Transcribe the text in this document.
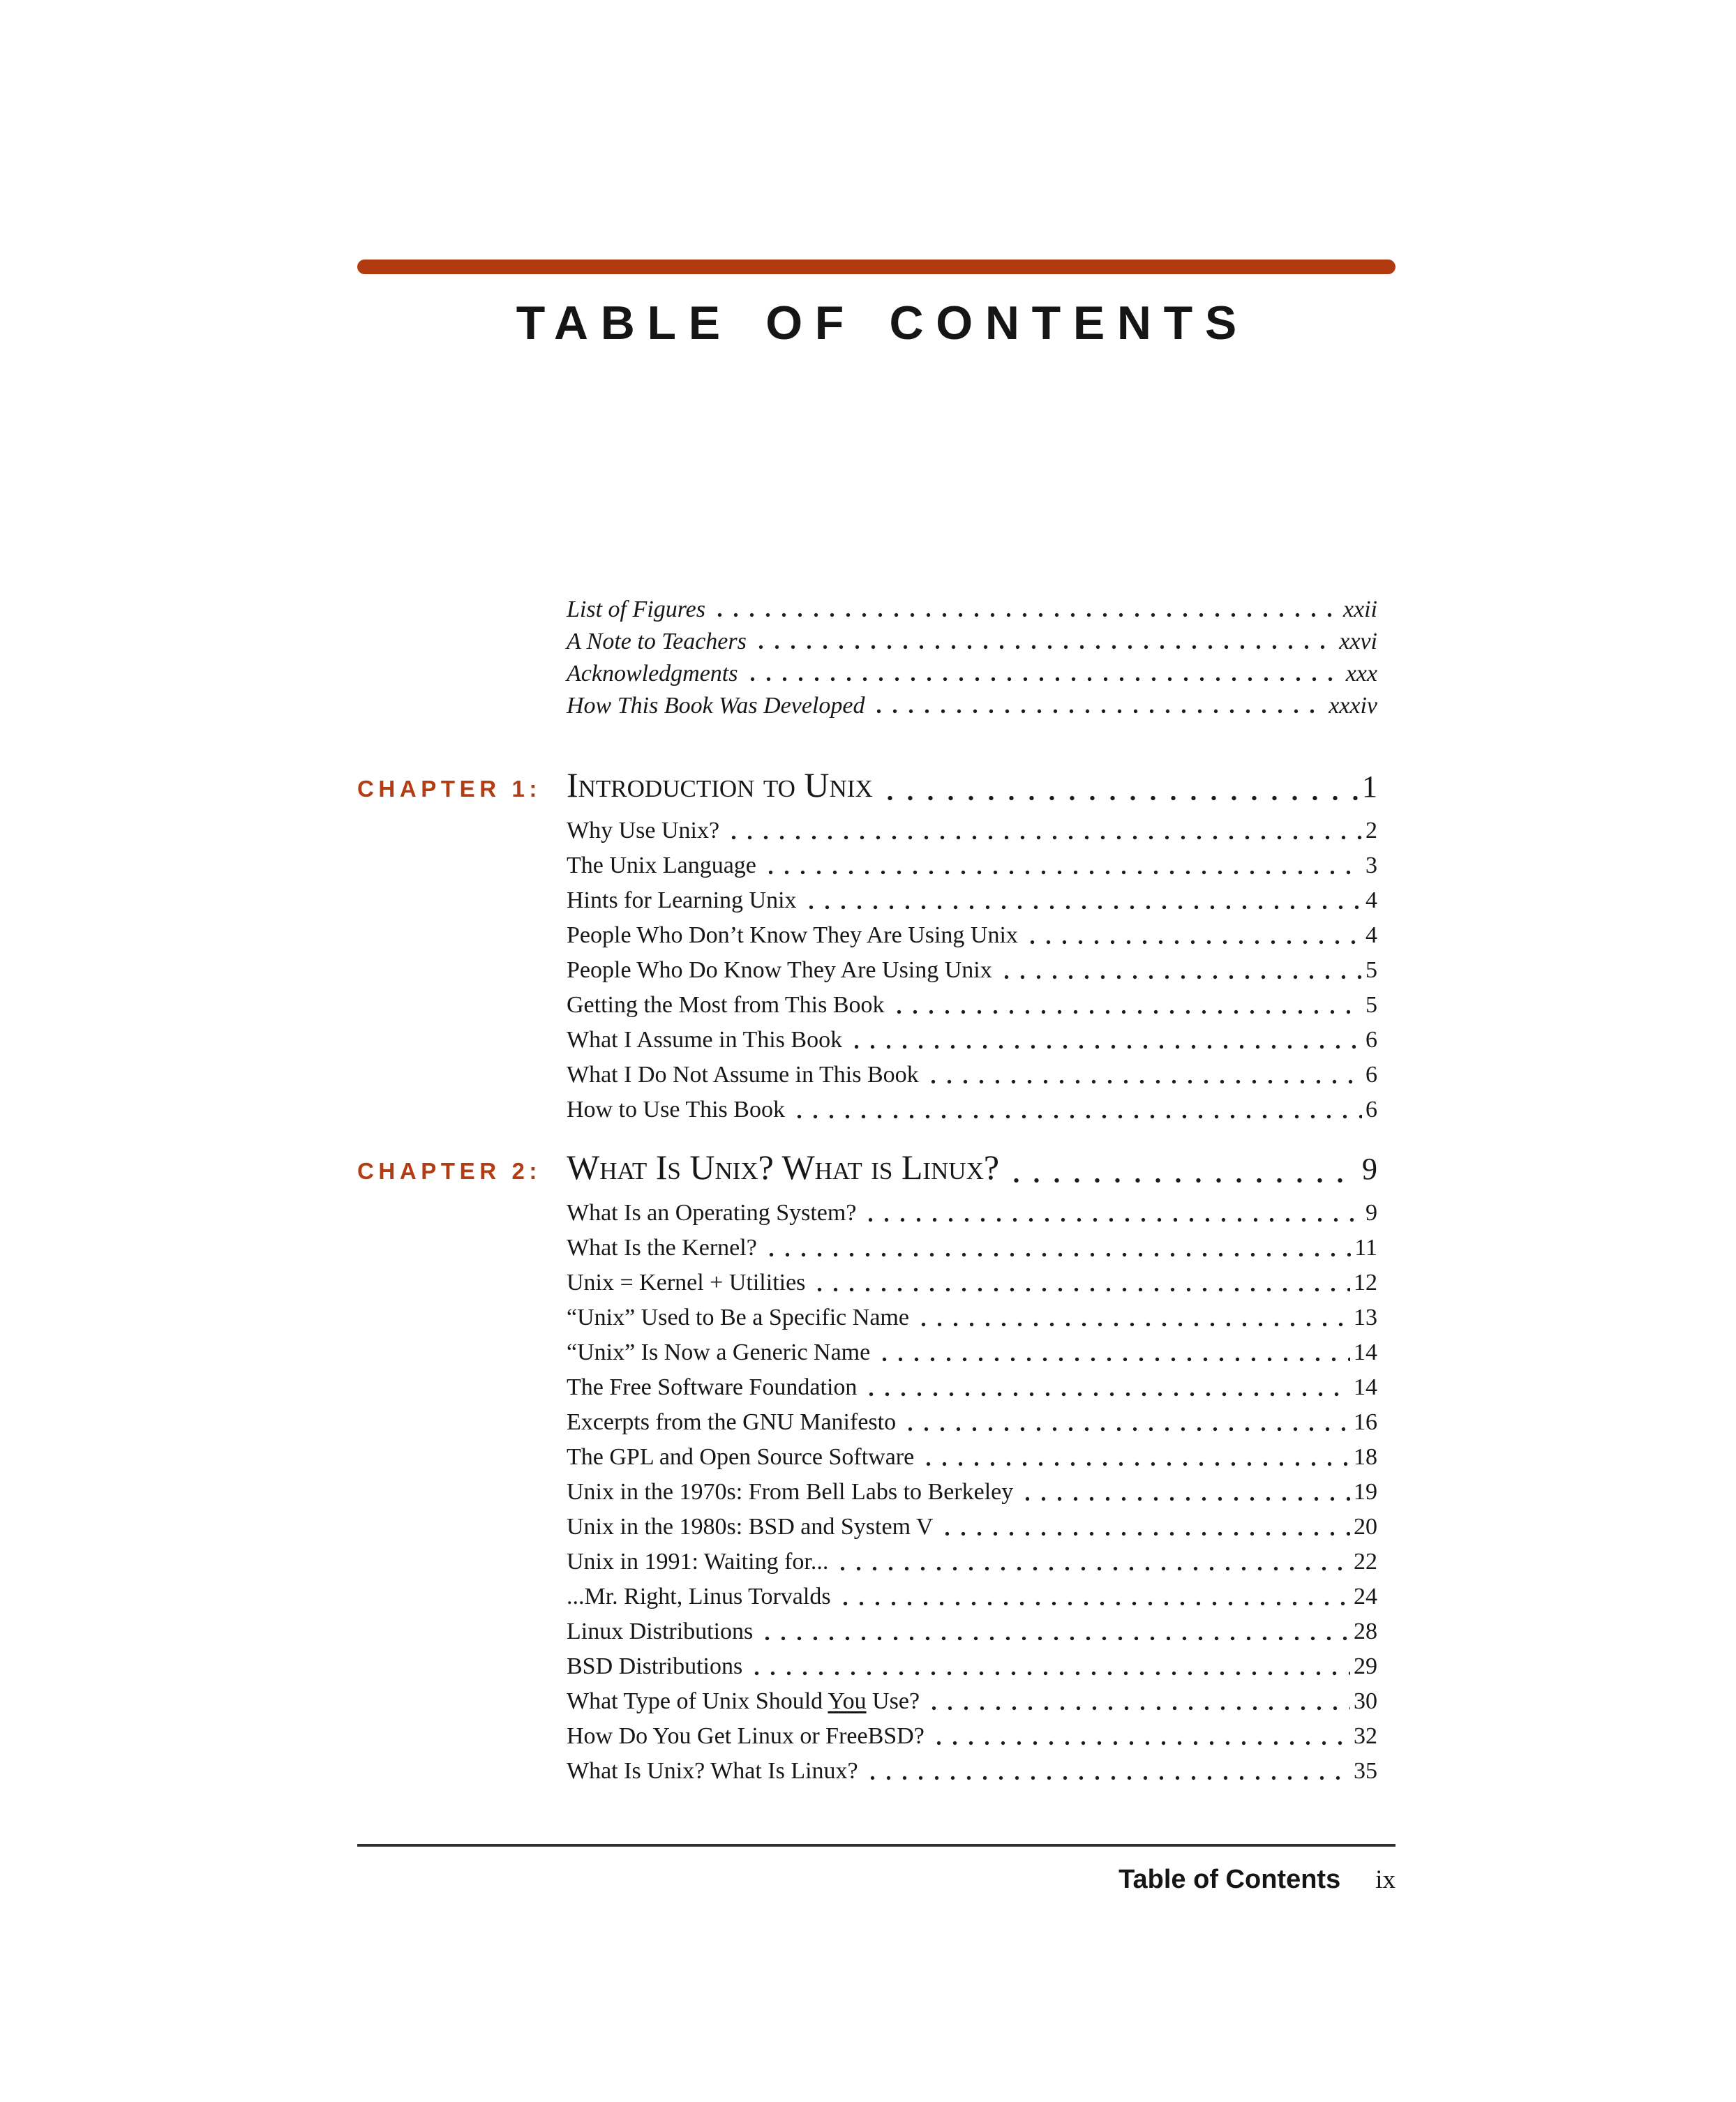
TABLE OF CONTENTS
List of Figures	xxii
A Note to Teachers	xxvi
Acknowledgments	xxx
How This Book Was Developed	xxxiv
CHAPTER 1: Introduction to Unix	1
Why Use Unix?	2
The Unix Language	3
Hints for Learning Unix	4
People Who Don’t Know They Are Using Unix	4
People Who Do Know They Are Using Unix	5
Getting the Most from This Book	5
What I Assume in This Book	6
What I Do Not Assume in This Book	6
How to Use This Book	6
CHAPTER 2: What Is Unix? What is Linux?	9
What Is an Operating System?	9
What Is the Kernel?	11
Unix = Kernel + Utilities	12
“Unix” Used to Be a Specific Name	13
“Unix” Is Now a Generic Name	14
The Free Software Foundation	14
Excerpts from the GNU Manifesto	16
The GPL and Open Source Software	18
Unix in the 1970s: From Bell Labs to Berkeley	19
Unix in the 1980s: BSD and System V	20
Unix in 1991: Waiting for...	22
...Mr. Right, Linus Torvalds	24
Linux Distributions	28
BSD Distributions	29
What Type of Unix Should You Use?	30
How Do You Get Linux or FreeBSD?	32
What Is Unix? What Is Linux?	35
Table of Contents ix
